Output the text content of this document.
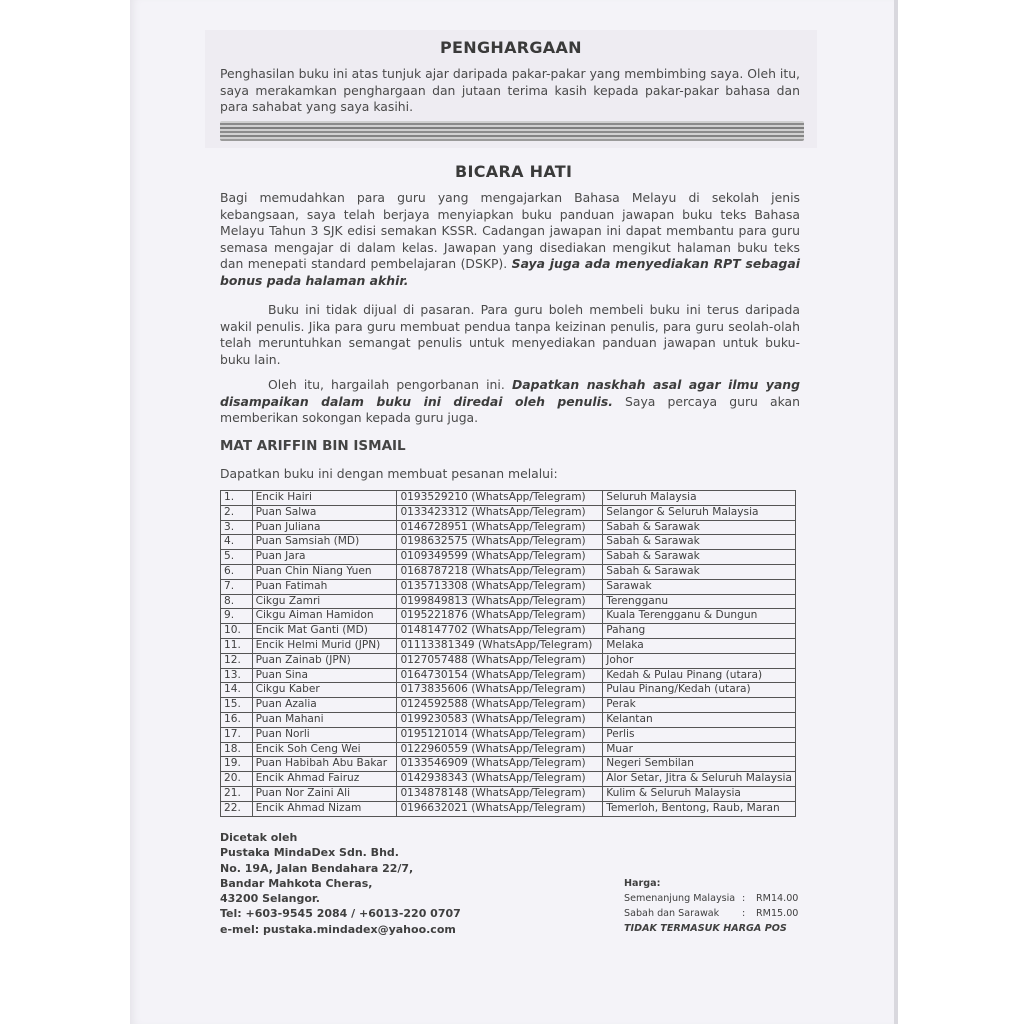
PENGHARGAAN
Penghasilan buku ini atas tunjuk ajar daripada pakar-pakar yang membimbing saya. Oleh itu, saya merakamkan penghargaan dan jutaan terima kasih kepada pakar-pakar bahasa dan para sahabat yang saya kasihi.
BICARA HATI
Bagi memudahkan para guru yang mengajarkan Bahasa Melayu di sekolah jenis kebangsaan, saya telah berjaya menyiapkan buku panduan jawapan buku teks Bahasa Melayu Tahun 3 SJK edisi semakan KSSR. Cadangan jawapan ini dapat membantu para guru semasa mengajar di dalam kelas. Jawapan yang disediakan mengikut halaman buku teks dan menepati standard pembelajaran (DSKP). Saya juga ada menyediakan RPT sebagai bonus pada halaman akhir.
Buku ini tidak dijual di pasaran. Para guru boleh membeli buku ini terus daripada wakil penulis. Jika para guru membuat pendua tanpa keizinan penulis, para guru seolah-olah telah meruntuhkan semangat penulis untuk menyediakan panduan jawapan untuk buku-buku lain.
Oleh itu, hargailah pengorbanan ini. Dapatkan naskhah asal agar ilmu yang disampaikan dalam buku ini diredai oleh penulis. Saya percaya guru akan memberikan sokongan kepada guru juga.
MAT ARIFFIN BIN ISMAIL
Dapatkan buku ini dengan membuat pesanan melalui:
1.	Encik Hairi	0193529210 (WhatsApp/Telegram)	Seluruh Malaysia
2.	Puan Salwa	0133423312 (WhatsApp/Telegram)	Selangor & Seluruh Malaysia
3.	Puan Juliana	0146728951 (WhatsApp/Telegram)	Sabah & Sarawak
4.	Puan Samsiah (MD)	0198632575 (WhatsApp/Telegram)	Sabah & Sarawak
5.	Puan Jara	0109349599 (WhatsApp/Telegram)	Sabah & Sarawak
6.	Puan Chin Niang Yuen	0168787218 (WhatsApp/Telegram)	Sabah & Sarawak
7.	Puan Fatimah	0135713308 (WhatsApp/Telegram)	Sarawak
8.	Cikgu Zamri	0199849813 (WhatsApp/Telegram)	Terengganu
9.	Cikgu Aiman Hamidon	0195221876 (WhatsApp/Telegram)	Kuala Terengganu & Dungun
10.	Encik Mat Ganti (MD)	0148147702 (WhatsApp/Telegram)	Pahang
11.	Encik Helmi Murid (JPN)	01113381349 (WhatsApp/Telegram)	Melaka
12.	Puan Zainab (JPN)	0127057488 (WhatsApp/Telegram)	Johor
13.	Puan Sina	0164730154 (WhatsApp/Telegram)	Kedah & Pulau Pinang (utara)
14.	Cikgu Kaber	0173835606 (WhatsApp/Telegram)	Pulau Pinang/Kedah (utara)
15.	Puan Azalia	0124592588 (WhatsApp/Telegram)	Perak
16.	Puan Mahani	0199230583 (WhatsApp/Telegram)	Kelantan
17.	Puan Norli	0195121014 (WhatsApp/Telegram)	Perlis
18.	Encik Soh Ceng Wei	0122960559 (WhatsApp/Telegram)	Muar
19.	Puan Habibah Abu Bakar	0133546909 (WhatsApp/Telegram)	Negeri Sembilan
20.	Encik Ahmad Fairuz	0142938343 (WhatsApp/Telegram)	Alor Setar, Jitra & Seluruh Malaysia
21.	Puan Nor Zaini Ali	0134878148 (WhatsApp/Telegram)	Kulim & Seluruh Malaysia
22.	Encik Ahmad Nizam	0196632021 (WhatsApp/Telegram)	Temerloh, Bentong, Raub, Maran
Dicetak oleh
Pustaka MindaDex Sdn. Bhd.
No. 19A, Jalan Bendahara 22/7,
Bandar Mahkota Cheras,
43200 Selangor.
Tel: +603-9545 2084 / +6013-220 0707
e-mel: pustaka.mindadex@yahoo.com
Harga:
Semenanjung Malaysia :	RM14.00
Sabah dan Sarawak	:	RM15.00
TIDAK TERMASUK HARGA POS
